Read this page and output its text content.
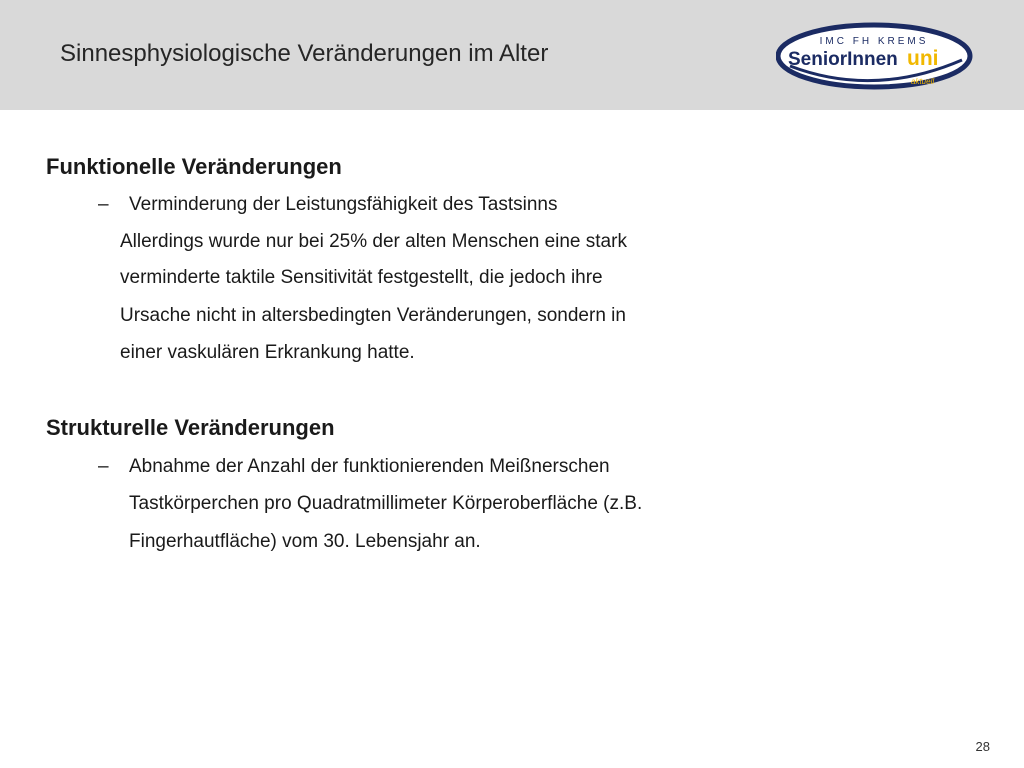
Sinnesphysiologische Veränderungen im Alter	IMC FH KREMS
SeniorInnen uni
aktuell
Funktionelle Veränderungen
– Verminderung der Leistungsfähigkeit des Tastsinns
Allerdings wurde nur bei 25% der alten Menschen eine stark
verminderte taktile Sensitivität festgestellt, die jedoch ihre
Ursache nicht in altersbedingten Veränderungen, sondern in
einer vaskulären Erkrankung hatte.
Strukturelle Veränderungen
– Abnahme der Anzahl der funktionierenden Meißnerschen
Tastkörperchen pro Quadratmillimeter Körperoberfläche (z.B.
Fingerhautfläche) vom 30. Lebensjahr an.
28
